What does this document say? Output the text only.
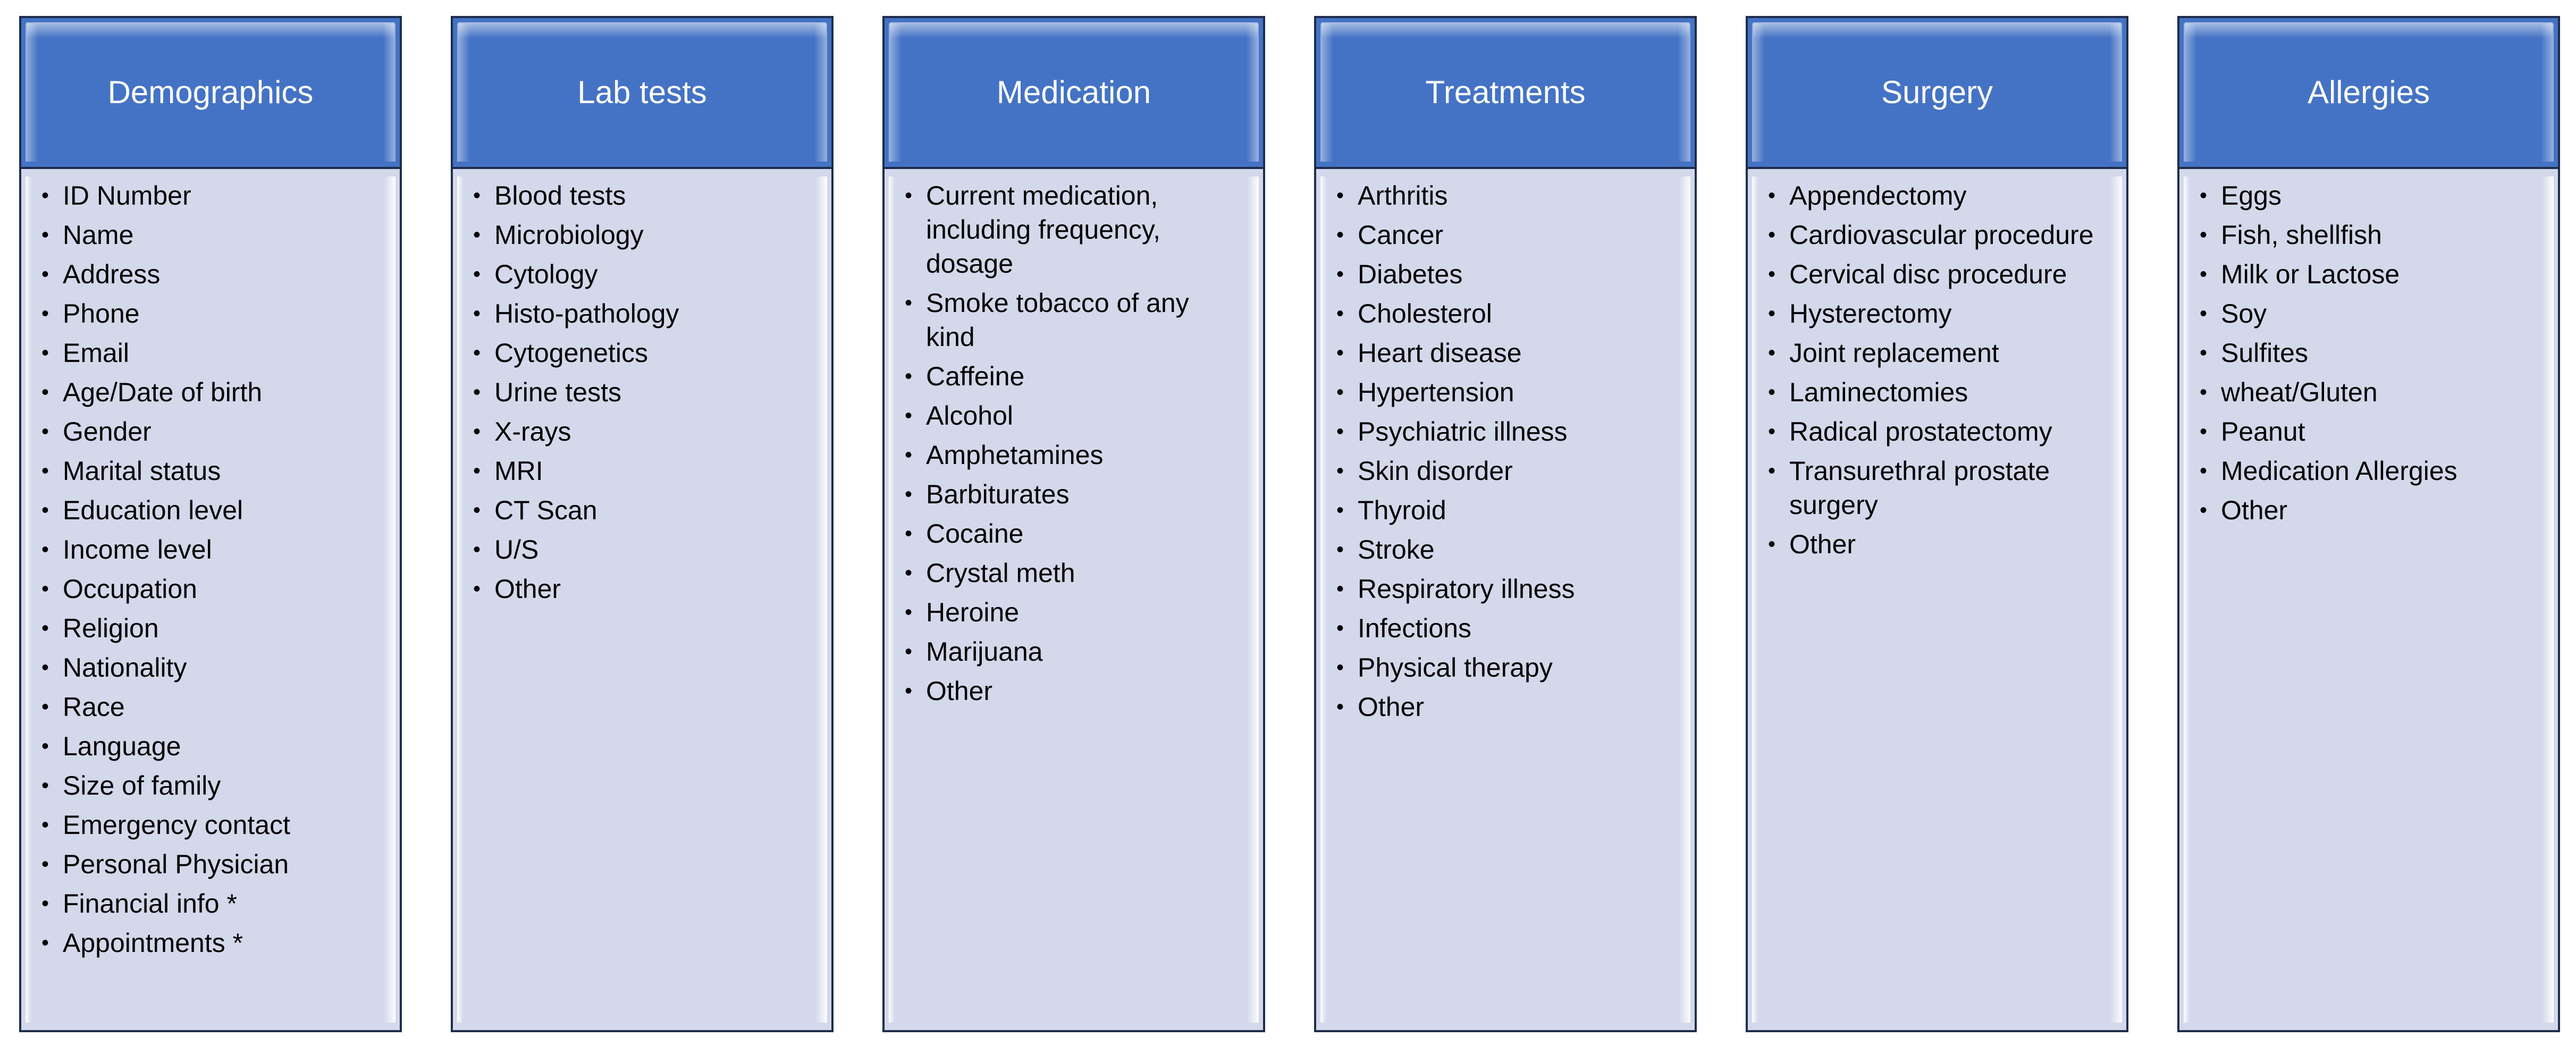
Demographics
• ID Number
• Name
• Address
• Phone
• Email
• Age/Date of birth
• Gender
• Marital status
• Education level
• Income level
• Occupation
• Religion
• Nationality
• Race
• Language
• Size of family
• Emergency contact
• Personal Physician
• Financial info *
• Appointments *
Lab tests
• Blood tests
• Microbiology
• Cytology
• Histo-pathology
• Cytogenetics
• Urine tests
• X-rays
• MRI
• CT Scan
• U/S
• Other
Medication
• Current medication, including frequency, dosage
• Smoke tobacco of any kind
• Caffeine
• Alcohol
• Amphetamines
• Barbiturates
• Cocaine
• Crystal meth
• Heroine
• Marijuana
• Other
Treatments
• Arthritis
• Cancer
• Diabetes
• Cholesterol
• Heart disease
• Hypertension
• Psychiatric illness
• Skin disorder
• Thyroid
• Stroke
• Respiratory illness
• Infections
• Physical therapy
• Other
Surgery
• Appendectomy
• Cardiovascular procedure
• Cervical disc procedure
• Hysterectomy
• Joint replacement
• Laminectomies
• Radical prostatectomy
• Transurethral prostate surgery
• Other
Allergies
• Eggs
• Fish, shellfish
• Milk or Lactose
• Soy
• Sulfites
• wheat/Gluten
• Peanut
• Medication Allergies
• Other
